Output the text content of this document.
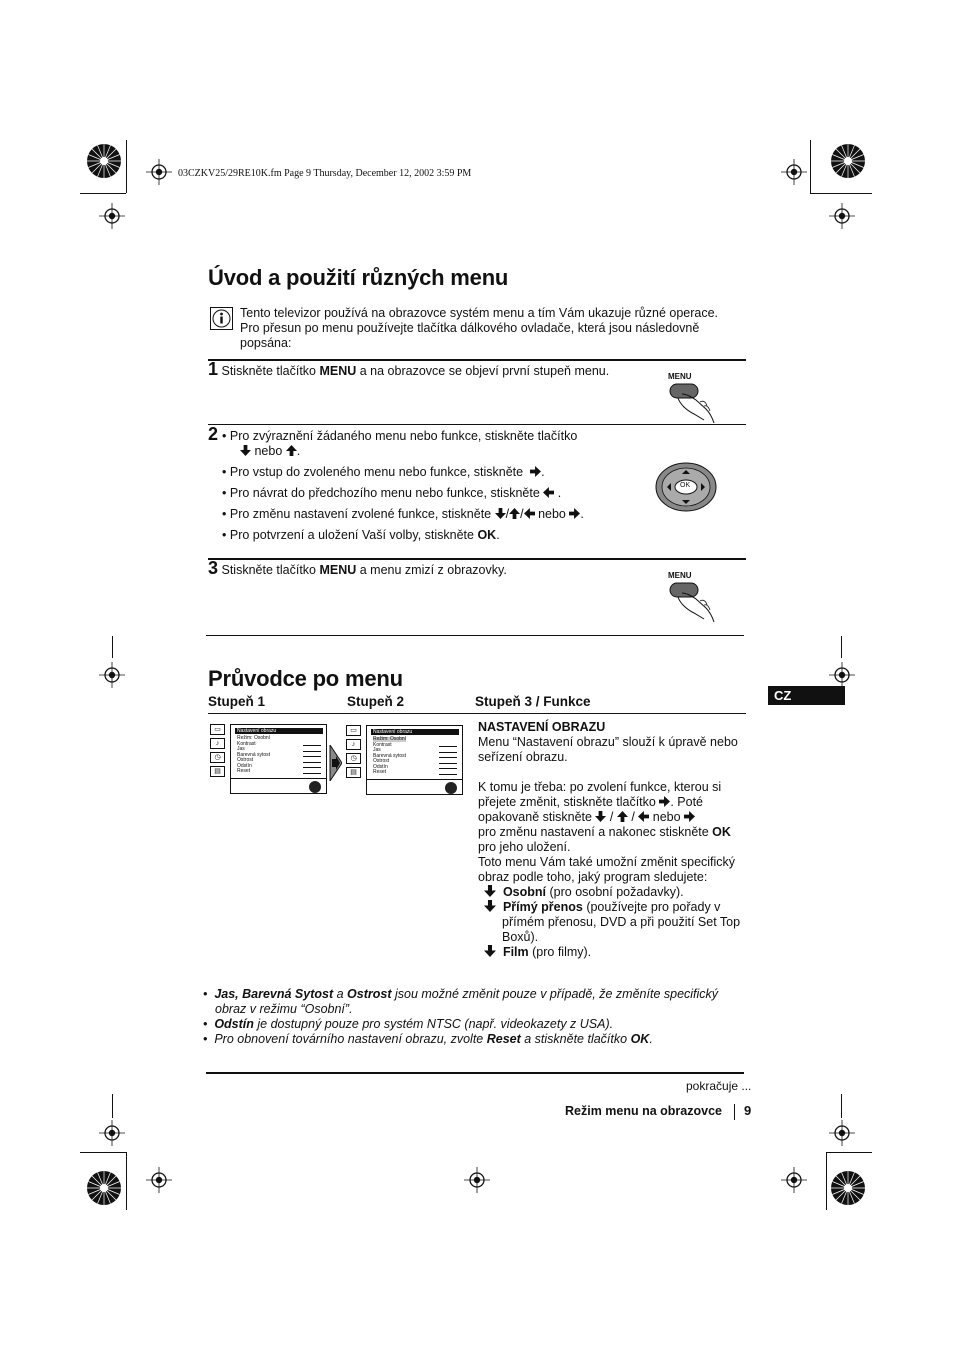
03CZKV25/29RE10K.fm Page 9 Thursday, December 12, 2002 3:59 PM
Úvod a použití různých menu
Tento televizor používá na obrazovce systém menu a tím Vám ukazuje různé operace.
Pro přesun po menu používejte tlačítka dálkového ovladače, která jsou následovně
popsána:
1 Stiskněte tlačítko MENU a na obrazovce se objeví první stupeň menu.	MENU
2 • Pro zvýraznění žádaného menu nebo funkce, stiskněte tlačítko
nebo .
• Pro vstup do zvoleného menu nebo funkce, stiskněte .
• Pro návrat do předchozího menu nebo funkce, stiskněte  .
• Pro změnu nastavení zvolené funkce, stiskněte / / nebo .
• Pro potvrzení a uložení Vaší volby, stiskněte OK.
OK
3 Stiskněte tlačítko MENU a menu zmizí z obrazovky.	MENU
Průvodce po menu
CZ
Stupeň 1	Stupeň 2	Stupeň 3 / Funkce
▭
♪
◷
▤
Nastavení obrazu
Režim: Osobní
Kontrast
Jas
Barevná sytost
Ostrost
Odstín
Reset
▭
♪
◷
▤
Nastavení obrazu
Režim: Osobní
Kontrast
Jas
Barevná sytost
Ostrost
Odstín
Reset
NASTAVENÍ OBRAZU
Menu “Nastavení obrazu” slouží k úpravě nebo
seřízení obrazu.
K tomu je třeba: po zvolení funkce, kterou si
přejete změnit, stiskněte tlačítko . Poté
opakovaně stiskněte  /  /  nebo
pro změnu nastavení a nakonec stiskněte OK
pro jeho uložení.
Toto menu Vám také umožní změnit specifický
obraz podle toho, jaký program sledujete:
Osobní (pro osobní požadavky).
Přímý přenos (používejte pro pořady v
přímém přenosu, DVD a při použití Set Top
Boxů).
Film (pro filmy).
•  Jas, Barevná Sytost a Ostrost jsou možné změnit pouze v případě, že změníte specifický
obraz v režimu “Osobní”.
•  Odstín je dostupný pouze pro systém NTSC (např. videokazety z USA).
•  Pro obnovení továrního nastavení obrazu, zvolte Reset a stiskněte tlačítko OK.
pokračuje ...
Režim menu na obrazovce 9
